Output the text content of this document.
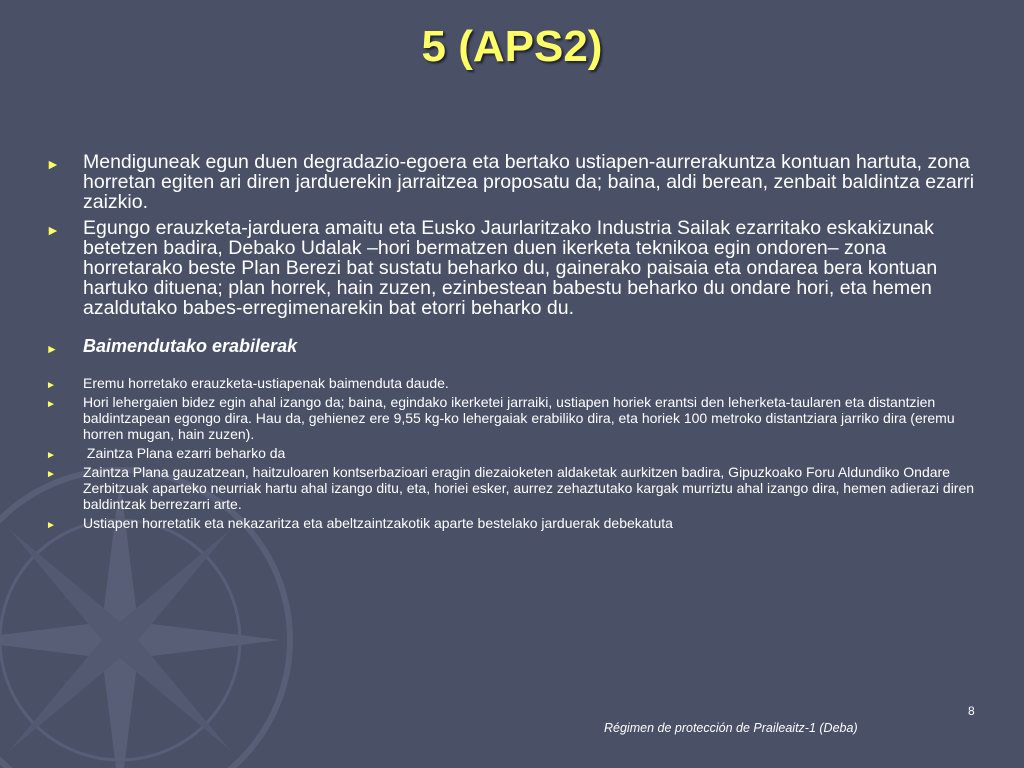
5 (APS2)
► Mendiguneak egun duen degradazio-egoera eta bertako ustiapen-aurrerakuntza kontuan hartuta, zona horretan egiten ari diren jarduerekin jarraitzea proposatu da; baina, aldi berean, zenbait baldintza ezarri zaizkio.
► Egungo erauzketa-jarduera amaitu eta Eusko Jaurlaritzako Industria Sailak ezarritako eskakizunak betetzen badira, Debako Udalak –hori bermatzen duen ikerketa teknikoa egin ondoren– zona horretarako beste Plan Berezi bat sustatu beharko du, gainerako paisaia eta ondarea bera kontuan hartuko dituena; plan horrek, hain zuzen, ezinbestean babestu beharko du ondare hori, eta hemen azaldutako babes-erregimenarekin bat etorri beharko du.
► Baimendutako erabilerak
► Eremu horretako erauzketa-ustiapenak baimenduta daude.
► Hori lehergaien bidez egin ahal izango da; baina, egindako ikerketei jarraiki, ustiapen horiek erantsi den leherketa-taularen eta distantzien baldintzapean egongo dira. Hau da, gehienez ere 9,55 kg-ko lehergaiak erabiliko dira, eta horiek 100 metroko distantziara jarriko dira (eremu horren mugan, hain zuzen).
► Zaintza Plana ezarri beharko da
► Zaintza Plana gauzatzean, haitzuloaren kontserbazioari eragin diezaioketen aldaketak aurkitzen badira, Gipuzkoako Foru Aldundiko Ondare Zerbitzuak aparteko neurriak hartu ahal izango ditu, eta, horiei esker, aurrez zehaztutako kargak murriztu ahal izango dira, hemen adierazi diren baldintzak berrezarri arte.
► Ustiapen horretatik eta nekazaritza eta abeltzaintzakotik aparte bestelako jarduerak debekatuta
8
Régimen de protección de Praileaitz-1 (Deba)
